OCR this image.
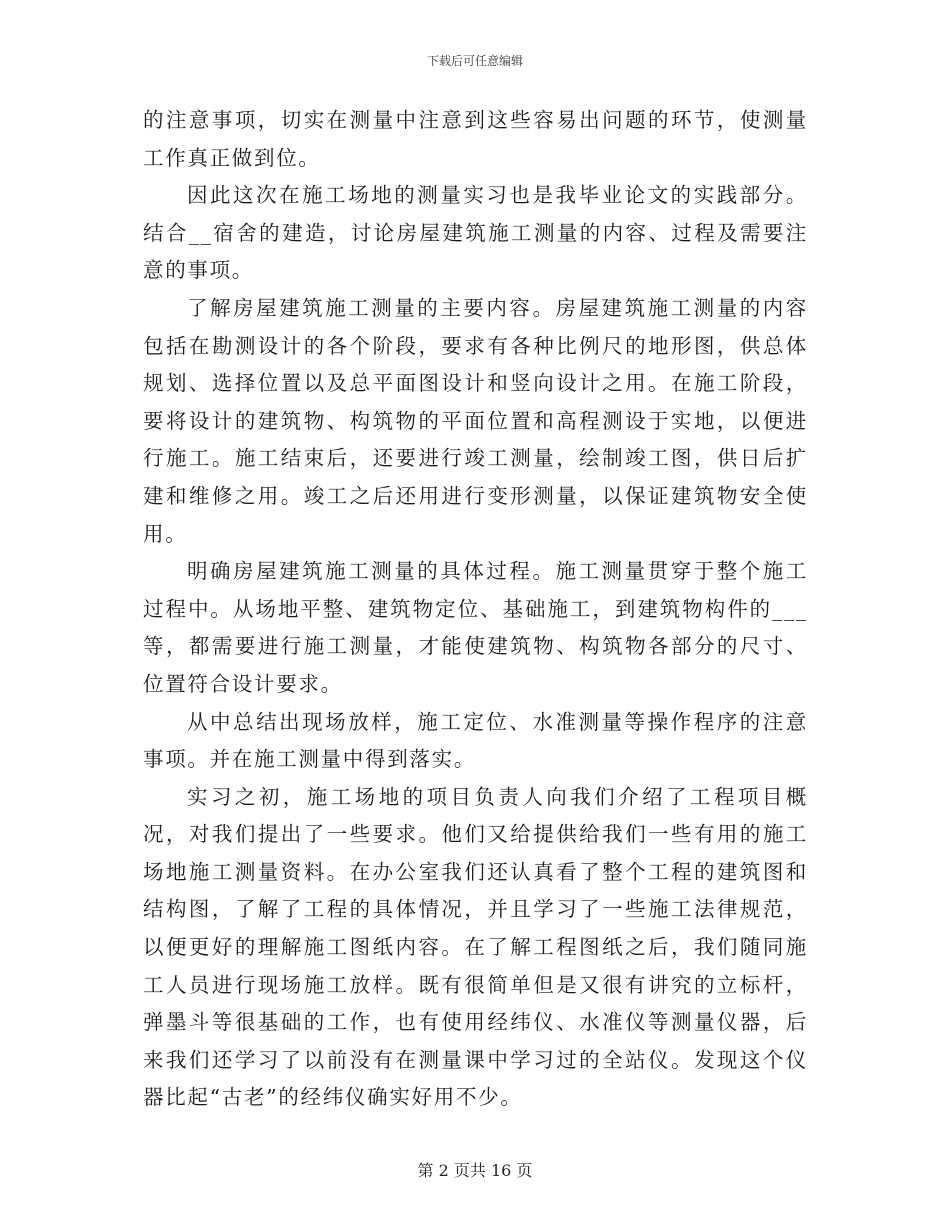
下载后可任意编辑

的注意事项，切实在测量中注意到这些容易出问题的环节，使测量工作真正做到位。

因此这次在施工场地的测量实习也是我毕业论文的实践部分。结合__宿舍的建造，讨论房屋建筑施工测量的内容、过程及需要注意的事项。

了解房屋建筑施工测量的主要内容。房屋建筑施工测量的内容包括在勘测设计的各个阶段，要求有各种比例尺的地形图，供总体规划、选择位置以及总平面图设计和竖向设计之用。在施工阶段，要将设计的建筑物、构筑物的平面位置和高程测设于实地，以便进行施工。施工结束后，还要进行竣工测量，绘制竣工图，供日后扩建和维修之用。竣工之后还用进行变形测量，以保证建筑物安全使用。

明确房屋建筑施工测量的具体过程。施工测量贯穿于整个施工过程中。从场地平整、建筑物定位、基础施工，到建筑物构件的___等，都需要进行施工测量，才能使建筑物、构筑物各部分的尺寸、位置符合设计要求。

从中总结出现场放样，施工定位、水准测量等操作程序的注意事项。并在施工测量中得到落实。

实习之初，施工场地的项目负责人向我们介绍了工程项目概况，对我们提出了一些要求。他们又给提供给我们一些有用的施工场地施工测量资料。在办公室我们还认真看了整个工程的建筑图和结构图，了解了工程的具体情况，并且学习了一些施工法律规范，以便更好的理解施工图纸内容。在了解工程图纸之后，我们随同施工人员进行现场施工放样。既有很简单但是又很有讲究的立标杆，弹墨斗等很基础的工作，也有使用经纬仪、水准仪等测量仪器，后来我们还学习了以前没有在测量课中学习过的全站仪。发现这个仪器比起“古老”的经纬仪确实好用不少。

第 2 页共 16 页
